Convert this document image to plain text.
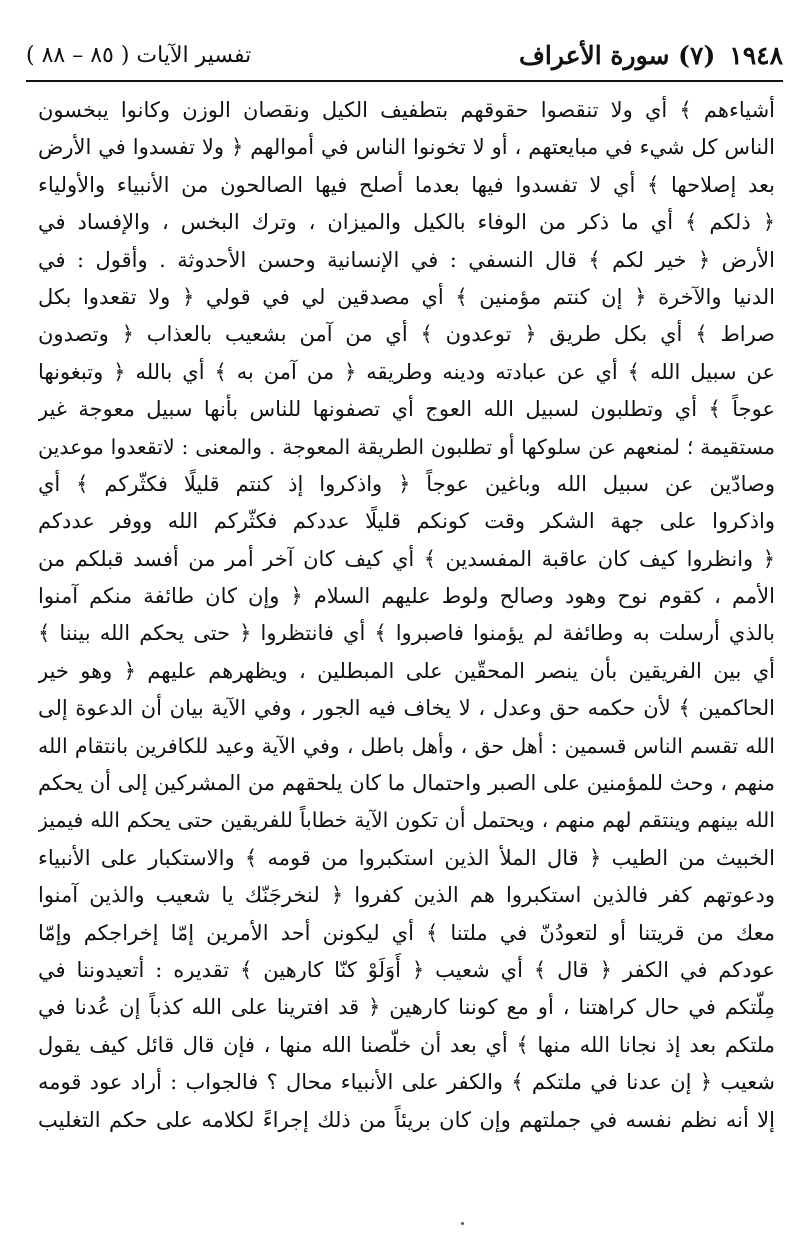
١٩٤٨
(٧) سورة الأعراف
تفسير الآيات ( ٨٥ – ٨٨ )
أشياءهم ﴾ أي ولا تنقصوا حقوقهم بتطفيف الكيل ونقصان الوزن وكانوا يبخسون
الناس كل شيء في مبايعتهم ، أو لا تخونوا الناس في أموالهم ﴿ ولا تفسدوا في الأرض
بعد إصلاحها ﴾ أي لا تفسدوا فيها بعدما أصلح فيها الصالحون من الأنبياء والأولياء
﴿ ذلكم ﴾ أي ما ذكر من الوفاء بالكيل والميزان ، وترك البخس ، والإفساد في
الأرض ﴿ خير لكم ﴾ قال النسفي : في الإنسانية وحسن الأحدوثة . وأقول : في
الدنيا والآخرة ﴿ إن كنتم مؤمنين ﴾ أي مصدقين لي في قولي ﴿ ولا تقعدوا بكل
صراط ﴾ أي بكل طريق ﴿ توعدون ﴾ أي من آمن بشعيب بالعذاب ﴿ وتصدون
عن سبيل الله ﴾ أي عن عبادته ودينه وطريقه ﴿ من آمن به ﴾ أي بالله ﴿ وتبغونها
عوجاً ﴾ أي وتطلبون لسبيل الله العوج أي تصفونها للناس بأنها سبيل معوجة غير
مستقيمة ؛ لمنعهم عن سلوكها أو تطلبون الطريقة المعوجة . والمعنى : لاتقعدوا موعدين
وصادّين عن سبيل الله وباغين عوجاً ﴿ واذكروا إذ كنتم قليلًا فكثّركم ﴾ أي
واذكروا على جهة الشكر وقت كونكم قليلًا عددكم فكثّركم الله ووفر عددكم
﴿ وانظروا كيف كان عاقبة المفسدين ﴾ أي كيف كان آخر أمر من أفسد قبلكم من
الأمم ، كقوم نوح وهود وصالح ولوط عليهم السلام ﴿ وإن كان طائفة منكم آمنوا
بالذي أرسلت به وطائفة لم يؤمنوا فاصبروا ﴾ أي فانتظروا ﴿ حتى يحكم الله بيننا ﴾
أي بين الفريقين بأن ينصر المحقّين على المبطلين ، ويظهرهم عليهم ﴿ وهو خير
الحاكمين ﴾ لأن حكمه حق وعدل ، لا يخاف فيه الجور ، وفي الآية بيان أن الدعوة إلى
الله تقسم الناس قسمين : أهل حق ، وأهل باطل ، وفي الآية وعيد للكافرين بانتقام الله
منهم ، وحث للمؤمنين على الصبر واحتمال ما كان يلحقهم من المشركين إلى أن يحكم
الله بينهم وينتقم لهم منهم ، ويحتمل أن تكون الآية خطاباً للفريقين حتى يحكم الله فيميز
الخبيث من الطيب ﴿ قال الملأ الذين استكبروا من قومه ﴾ والاستكبار على الأنبياء
ودعوتهم كفر فالذين استكبروا هم الذين كفروا ﴿ لنخرجَنّك يا شعيب والذين آمنوا
معك من قريتنا أو لتعودُنّ في ملتنا ﴾ أي ليكونن أحد الأمرين إمّا إخراجكم وإمّا
عودكم في الكفر ﴿ قال ﴾ أي شعيب ﴿ أَوَلَوْ كنّا كارهين ﴾ تقديره : أتعيدوننا في
مِلّتكم في حال كراهتنا ، أو مع كوننا كارهين ﴿ قد افترينا على الله كذباً إن عُدنا في
ملتكم بعد إذ نجانا الله منها ﴾ أي بعد أن خلّصنا الله منها ، فإن قال قائل كيف يقول
شعيب ﴿ إن عدنا في ملتكم ﴾ والكفر على الأنبياء محال ؟ فالجواب : أراد عود قومه
إلا أنه نظم نفسه في جملتهم وإن كان بريئاً من ذلك إجراءً لكلامه على حكم التغليب
